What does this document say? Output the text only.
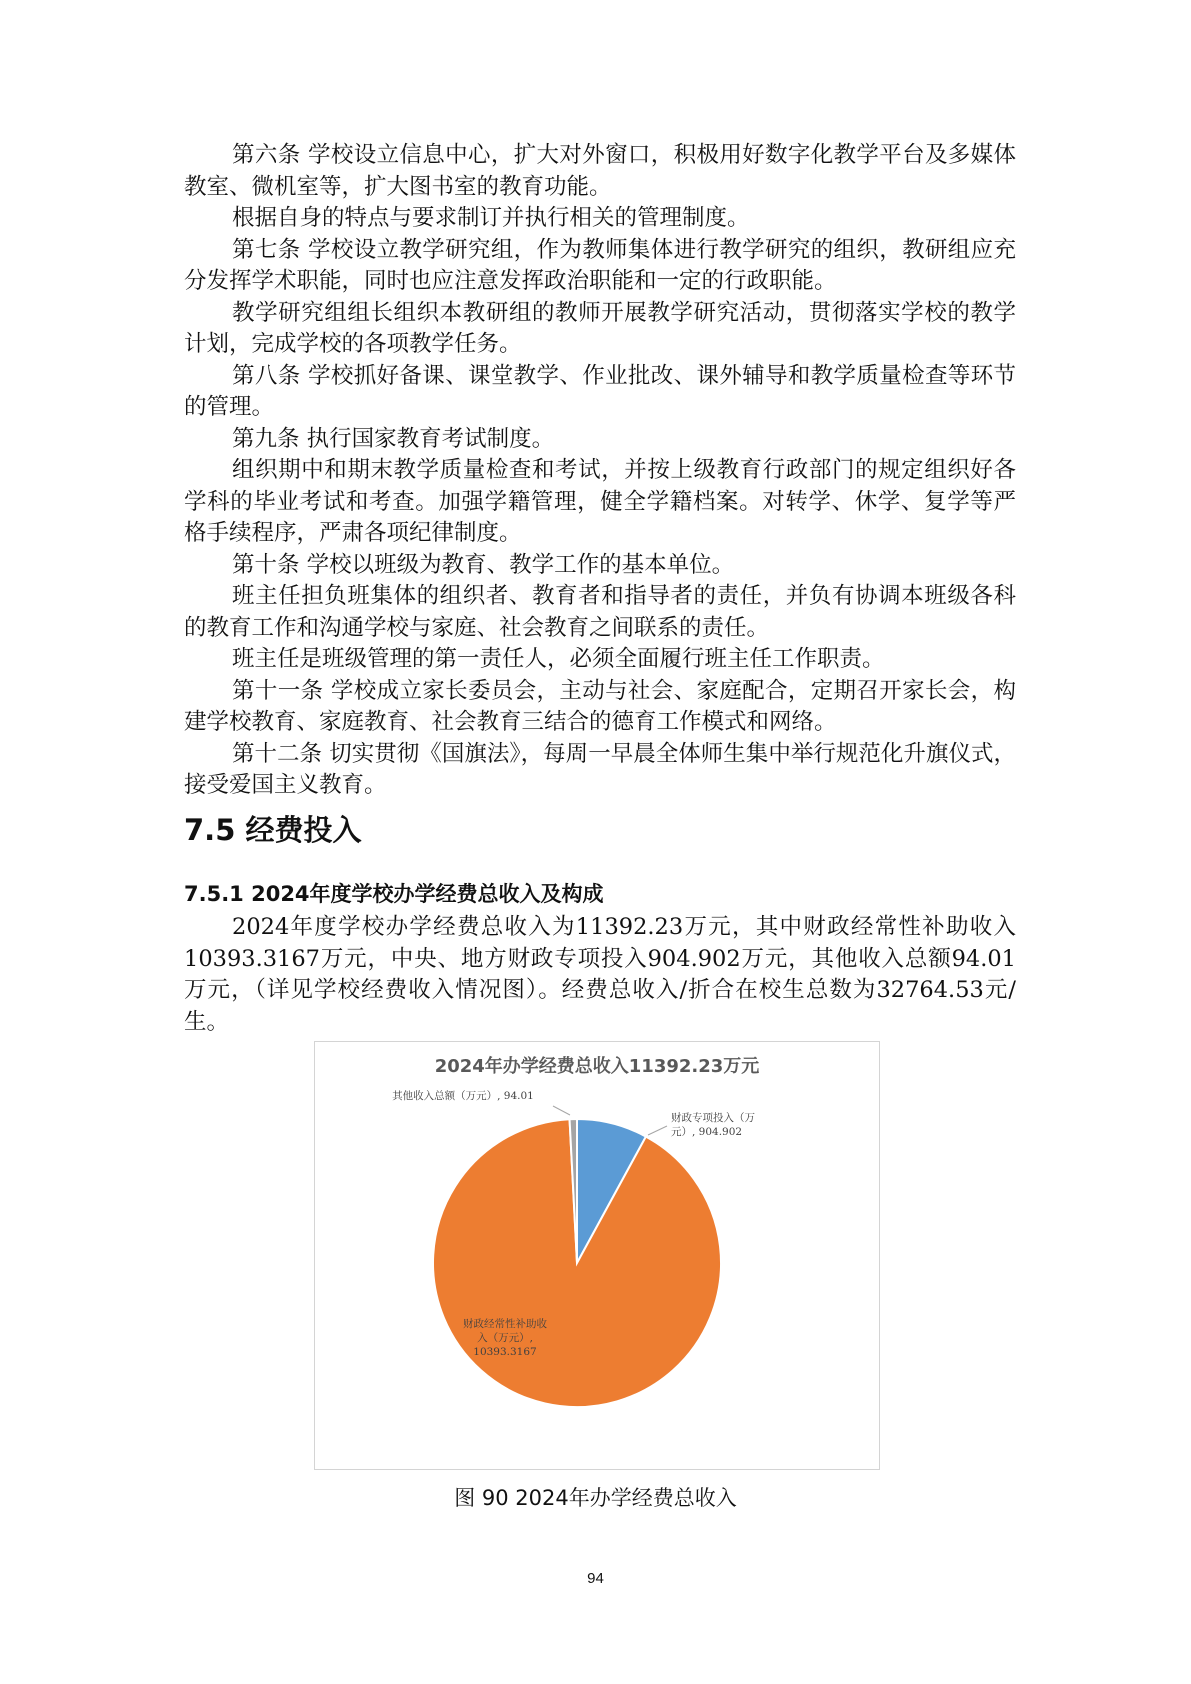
第六条 学校设立信息中心，扩大对外窗口，积极用好数字化教学平台及多媒体教室、微机室等，扩大图书室的教育功能。

根据自身的特点与要求制订并执行相关的管理制度。

第七条 学校设立教学研究组，作为教师集体进行教学研究的组织，教研组应充分发挥学术职能，同时也应注意发挥政治职能和一定的行政职能。

教学研究组组长组织本教研组的教师开展教学研究活动，贯彻落实学校的教学计划，完成学校的各项教学任务。

第八条 学校抓好备课、课堂教学、作业批改、课外辅导和教学质量检查等环节的管理。

第九条 执行国家教育考试制度。

组织期中和期末教学质量检查和考试，并按上级教育行政部门的规定组织好各学科的毕业考试和考查。加强学籍管理，健全学籍档案。对转学、休学、复学等严格手续程序，严肃各项纪律制度。

第十条 学校以班级为教育、教学工作的基本单位。

班主任担负班集体的组织者、教育者和指导者的责任，并负有协调本班级各科的教育工作和沟通学校与家庭、社会教育之间联系的责任。

班主任是班级管理的第一责任人，必须全面履行班主任工作职责。

第十一条 学校成立家长委员会，主动与社会、家庭配合，定期召开家长会，构建学校教育、家庭教育、社会教育三结合的德育工作模式和网络。

第十二条 切实贯彻《国旗法》，每周一早晨全体师生集中举行规范化升旗仪式，接受爱国主义教育。

7.5 经费投入
7.5.1 2024年度学校办学经费总收入及构成

2024年度学校办学经费总收入为11392.23万元，其中财政经常性补助收入10393.3167万元，中央、地方财政专项投入904.902万元，其他收入总额94.01万元，（详见学校经费收入情况图）。经费总收入/折合在校生总数为32764.53元/生。

2024年办学经费总收入11392.23万元
财政专项投入（万
元）, 904.902
财政经常性补助收
入（万元）,
10393.3167
其他收入总额（万元）, 94.01

图 90 2024年办学经费总收入

94
